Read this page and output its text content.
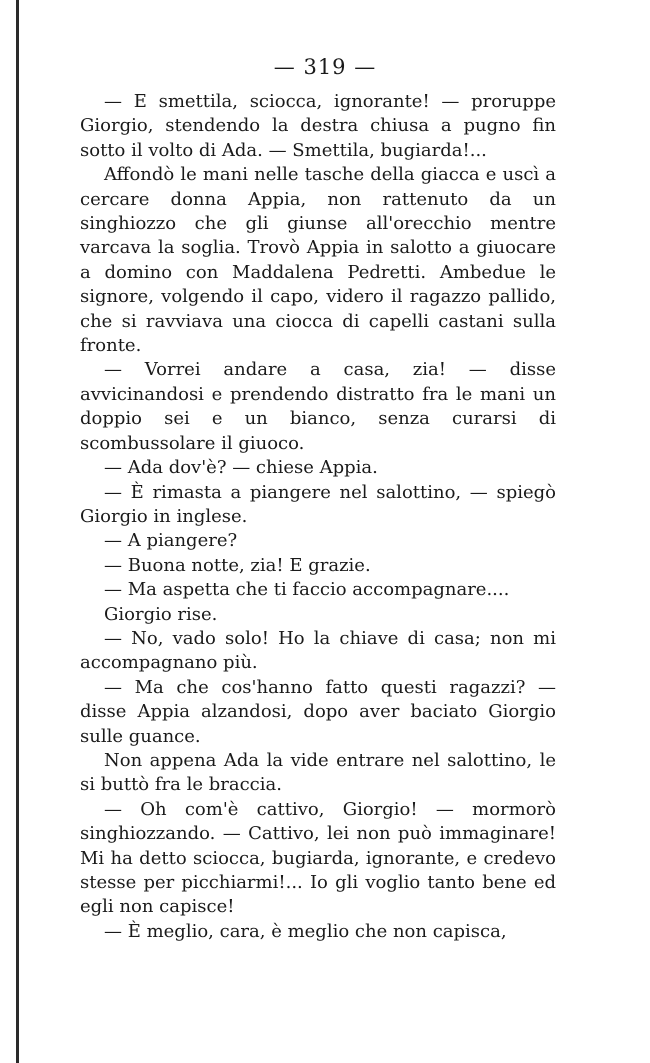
— 319 —

— E smettila, sciocca, ignorante! — proruppe Giorgio, stendendo la destra chiusa a pugno fin sotto il volto di Ada. — Smettila, bugiarda!...

Affondò le mani nelle tasche della giacca e uscì a cercare donna Appia, non rattenuto da un singhiozzo che gli giunse all'orecchio mentre varcava la soglia. Trovò Appia in salotto a giuocare a domino con Maddalena Pedretti. Ambedue le signore, volgendo il capo, videro il ragazzo pallido, che si ravviava una ciocca di capelli castani sulla fronte.

— Vorrei andare a casa, zia! — disse avvicinandosi e prendendo distratto fra le mani un doppio sei e un bianco, senza curarsi di scombussolare il giuoco.

— Ada dov'è? — chiese Appia.

— È rimasta a piangere nel salottino, — spiegò Giorgio in inglese.

— A piangere?

— Buona notte, zia! E grazie.

— Ma aspetta che ti faccio accompagnare....

Giorgio rise.

— No, vado solo! Ho la chiave di casa; non mi accompagnano più.

— Ma che cos'hanno fatto questi ragazzi? — disse Appia alzandosi, dopo aver baciato Giorgio sulle guance.

Non appena Ada la vide entrare nel salottino, le si buttò fra le braccia.

— Oh com'è cattivo, Giorgio! — mormorò singhiozzando. — Cattivo, lei non può immaginare! Mi ha detto sciocca, bugiarda, ignorante, e credevo stesse per picchiarmi!... Io gli voglio tanto bene ed egli non capisce!

— È meglio, cara, è meglio che non capisca,
